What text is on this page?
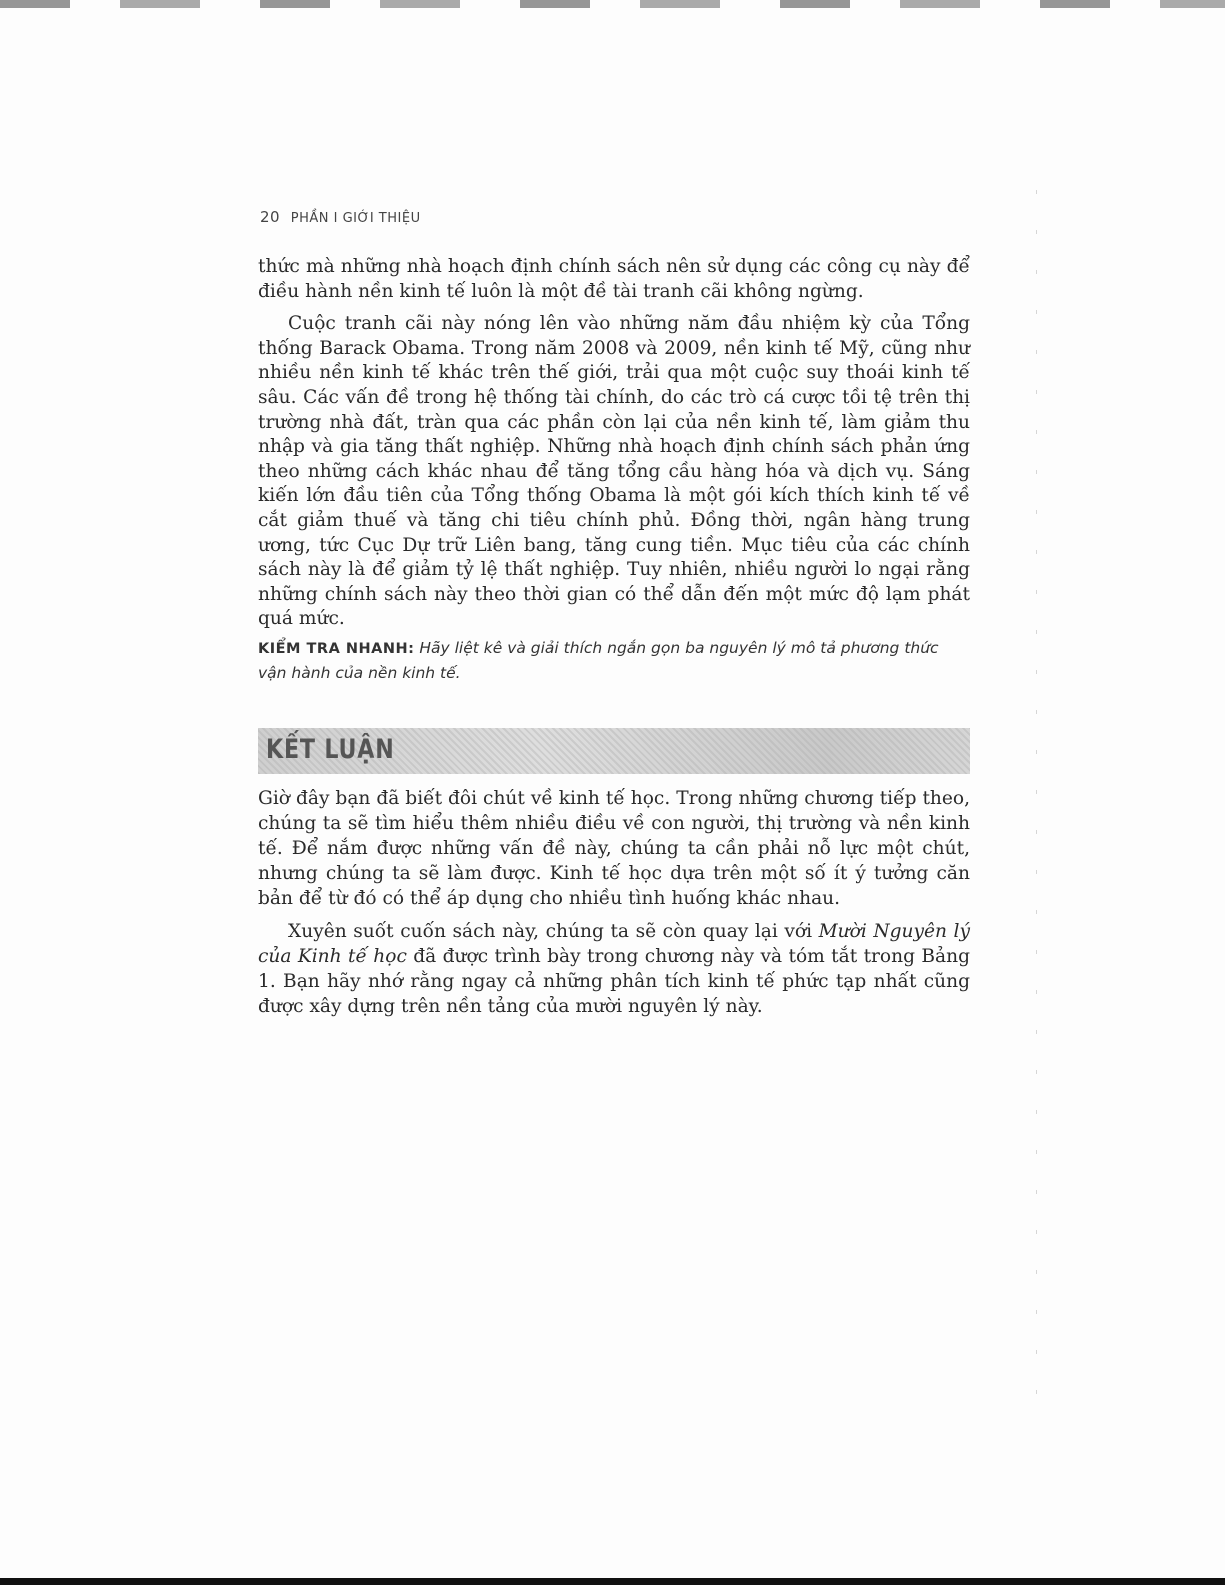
20 PHẦN I GIỚI THIỆU

thức mà những nhà hoạch định chính sách nên sử dụng các công cụ này để điều hành nền kinh tế luôn là một đề tài tranh cãi không ngừng.

Cuộc tranh cãi này nóng lên vào những năm đầu nhiệm kỳ của Tổng thống Barack Obama. Trong năm 2008 và 2009, nền kinh tế Mỹ, cũng như nhiều nền kinh tế khác trên thế giới, trải qua một cuộc suy thoái kinh tế sâu. Các vấn đề trong hệ thống tài chính, do các trò cá cược tồi tệ trên thị trường nhà đất, tràn qua các phần còn lại của nền kinh tế, làm giảm thu nhập và gia tăng thất nghiệp. Những nhà hoạch định chính sách phản ứng theo những cách khác nhau để tăng tổng cầu hàng hóa và dịch vụ. Sáng kiến lớn đầu tiên của Tổng thống Obama là một gói kích thích kinh tế về cắt giảm thuế và tăng chi tiêu chính phủ. Đồng thời, ngân hàng trung ương, tức Cục Dự trữ Liên bang, tăng cung tiền. Mục tiêu của các chính sách này là để giảm tỷ lệ thất nghiệp. Tuy nhiên, nhiều người lo ngại rằng những chính sách này theo thời gian có thể dẫn đến một mức độ lạm phát quá mức.

KIỂM TRA NHANH: Hãy liệt kê và giải thích ngắn gọn ba nguyên lý mô tả phương thức vận hành của nền kinh tế.
KẾT LUẬN

Giờ đây bạn đã biết đôi chút về kinh tế học. Trong những chương tiếp theo, chúng ta sẽ tìm hiểu thêm nhiều điều về con người, thị trường và nền kinh tế. Để nắm được những vấn đề này, chúng ta cần phải nỗ lực một chút, nhưng chúng ta sẽ làm được. Kinh tế học dựa trên một số ít ý tưởng căn bản để từ đó có thể áp dụng cho nhiều tình huống khác nhau.

Xuyên suốt cuốn sách này, chúng ta sẽ còn quay lại với Mười Nguyên lý của Kinh tế học đã được trình bày trong chương này và tóm tắt trong Bảng 1. Bạn hãy nhớ rằng ngay cả những phân tích kinh tế phức tạp nhất cũng được xây dựng trên nền tảng của mười nguyên lý này.
